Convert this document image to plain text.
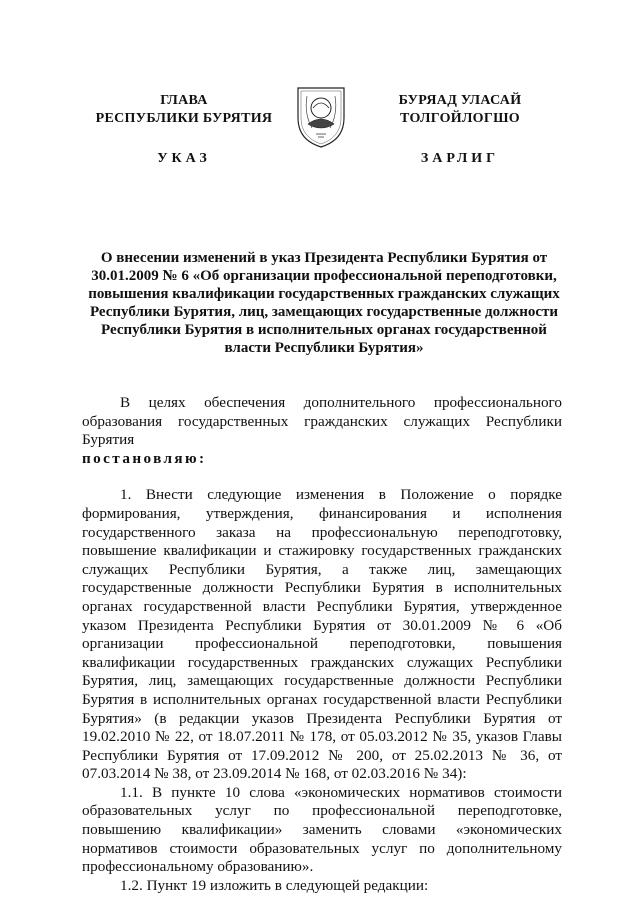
ГЛАВА
РЕСПУБЛИКИ БУРЯТИЯ
УКАЗ
БУРЯАД УЛАСАЙ
ТОЛГОЙЛОГШО
ЗАРЛИГ
О внесении изменений в указ Президента Республики Бурятия от 30.01.2009 № 6 «Об организации профессиональной переподготовки, повышения квалификации государственных гражданских служащих Республики Бурятия, лиц, замещающих государственные должности Республики Бурятия в исполнительных органах государственной власти Республики Бурятия»

В целях обеспечения дополнительного профессионального образования государственных гражданских служащих Республики Бурятия
постановляю:

1. Внести следующие изменения в Положение о порядке формирования, утверждения, финансирования и исполнения государственного заказа на профессиональную переподготовку, повышение квалификации и стажировку государственных гражданских служащих Республики Бурятия, а также лиц, замещающих государственные должности Республики Бурятия в исполнительных органах государственной власти Республики Бурятия, утвержденное указом Президента Республики Бурятия от 30.01.2009 № 6 «Об организации профессиональной переподготовки, повышения квалификации государственных гражданских служащих Республики Бурятия, лиц, замещающих государственные должности Республики Бурятия в исполнительных органах государственной власти Республики Бурятия» (в редакции указов Президента Республики Бурятия от 19.02.2010 № 22, от 18.07.2011 № 178, от 05.03.2012 № 35, указов Главы Республики Бурятия от 17.09.2012 № 200, от 25.02.2013 № 36, от 07.03.2014 № 38, от 23.09.2014 № 168, от 02.03.2016 № 34):

1.1. В пункте 10 слова «экономических нормативов стоимости образовательных услуг по профессиональной переподготовке, повышению квалификации» заменить словами «экономических нормативов стоимости образовательных услуг по дополнительному профессиональному образованию».

1.2. Пункт 19 изложить в следующей редакции:
